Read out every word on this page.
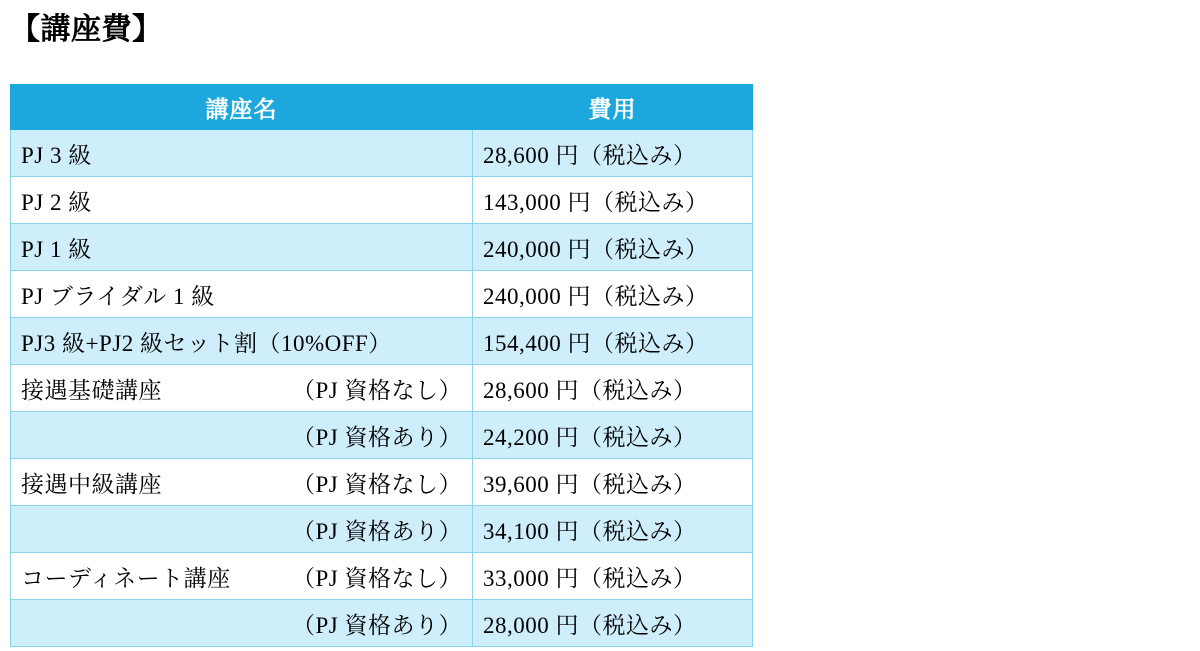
【講座費】
講座名	費用
PJ 3 級	28,600 円（税込み）
PJ 2 級	143,000 円（税込み）
PJ 1 級	240,000 円（税込み）
PJ ブライダル 1 級	240,000 円（税込み）
PJ3 級+PJ2 級セット割（10%OFF）	154,400 円（税込み）

接遇基礎講座 （PJ 資格なし）	28,600 円（税込み）

（PJ 資格あり）	24,200 円（税込み）

接遇中級講座 （PJ 資格なし）	39,600 円（税込み）

（PJ 資格あり）	34,100 円（税込み）

コーディネート講座 （PJ 資格なし）	33,000 円（税込み）

（PJ 資格あり）	28,000 円（税込み）
